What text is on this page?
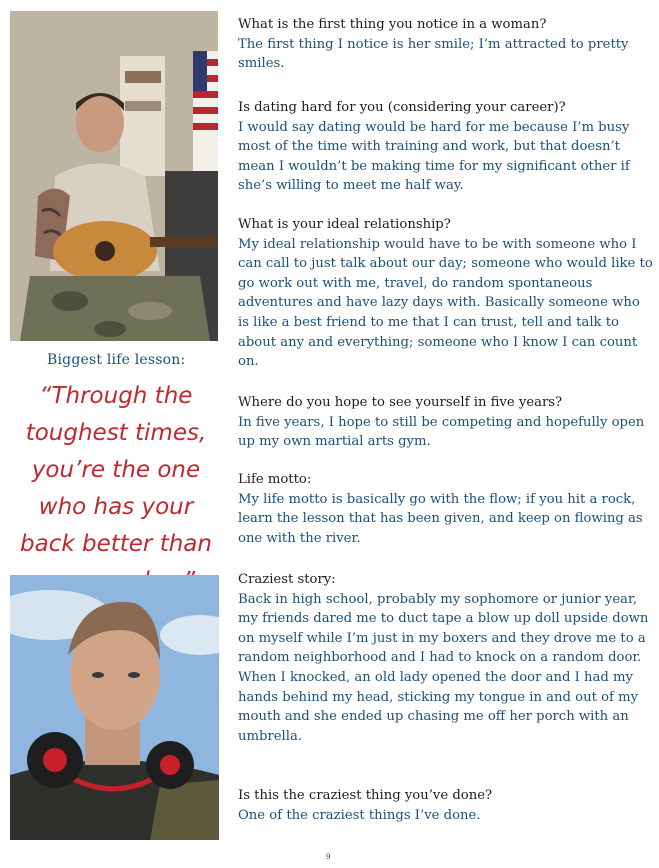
Biggest life lesson:
“Through the toughest times, you’re the one who has your back better than

What is the first thing you notice in a woman?

The first thing I notice is her smile; I’m attracted to pretty smiles.

Is dating hard for you (considering your career)?

I would say dating would be hard for me because I’m busy most of the time with training and work, but that doesn’t mean I wouldn’t be making time for my significant other if she’s willing to meet me half way.

What is your ideal relationship?

My ideal relationship would have to be with someone who I can call to just talk about our day; someone who would like to go work out with me, travel, do random spontaneous adventures and have lazy days with. Basically someone who is like a best friend to me that I can trust, tell and talk to about any and everything; someone who I know I can count on.

Where do you hope to see yourself in five years?

In five years, I hope to still be competing and hopefully open up my own martial arts gym.

Life motto:

My life motto is basically go with the flow; if you hit a rock, learn the lesson that has been given, and keep on flowing as one with the river.

Craziest story:

Back in high school, probably my sophomore or junior year, my friends dared me to duct tape a blow up doll upside down on myself while I’m just in my boxers and they drove me to a random neighborhood and I had to knock on a random door. When I knocked, an old lady opened the door and I had my hands behind my head, sticking my tongue in and out of my mouth and she ended up chasing me off her porch with an umbrella.

Is this the craziest thing you’ve done?

One of the craziest things I’ve done.

9
